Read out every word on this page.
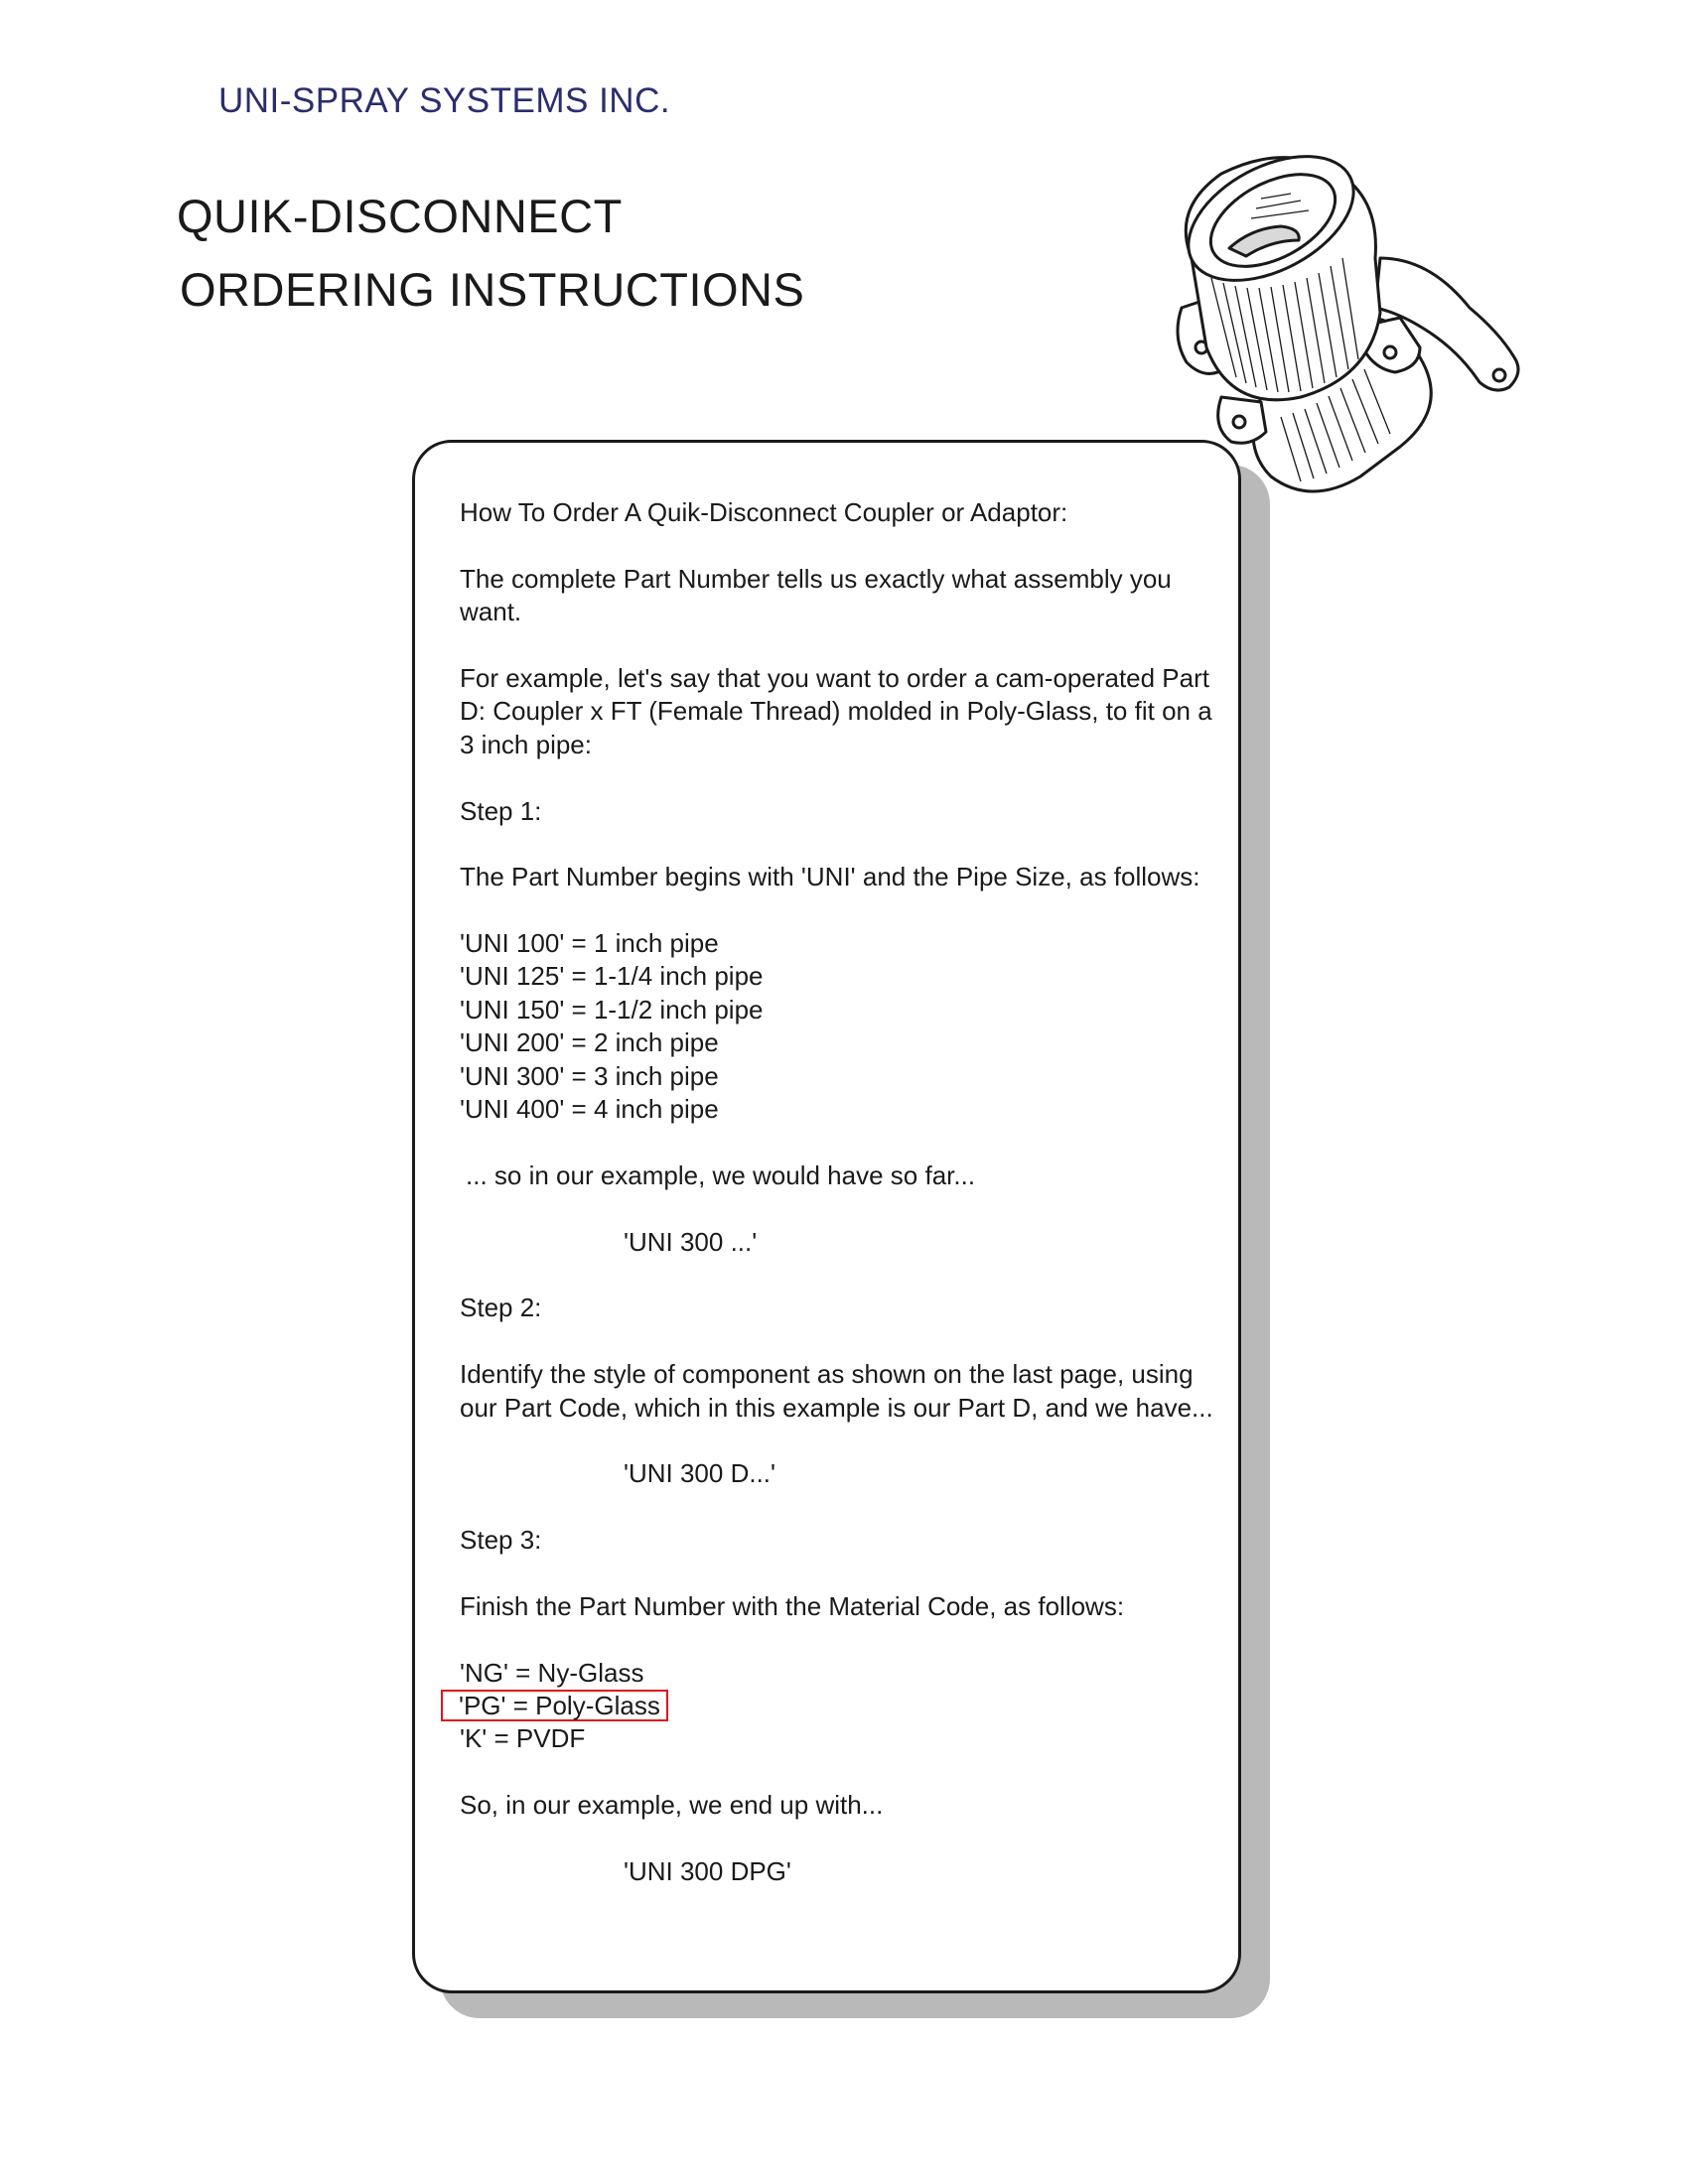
UNI-SPRAY SYSTEMS INC.
QUIK-DISCONNECT
ORDERING INSTRUCTIONS
How To Order A Quik-Disconnect Coupler or Adaptor:
The complete Part Number tells us exactly what assembly you
want.
For example, let's say that you want to order a cam-operated Part
D: Coupler x FT (Female Thread) molded in Poly-Glass, to fit on a
3 inch pipe:
Step 1:
The Part Number begins with 'UNI' and the Pipe Size, as follows:
'UNI 100' = 1 inch pipe
'UNI 125' = 1-1/4 inch pipe
'UNI 150' = 1-1/2 inch pipe
'UNI 200' = 2 inch pipe
'UNI 300' = 3 inch pipe
'UNI 400' = 4 inch pipe
... so in our example, we would have so far...
'UNI 300 ...'
Step 2:
Identify the style of component as shown on the last page, using
our Part Code, which in this example is our Part D, and we have...
'UNI 300 D...'
Step 3:
Finish the Part Number with the Material Code, as follows:
'NG' = Ny-Glass
'PG' = Poly-Glass
'K' = PVDF
So, in our example, we end up with...
'UNI 300 DPG'
